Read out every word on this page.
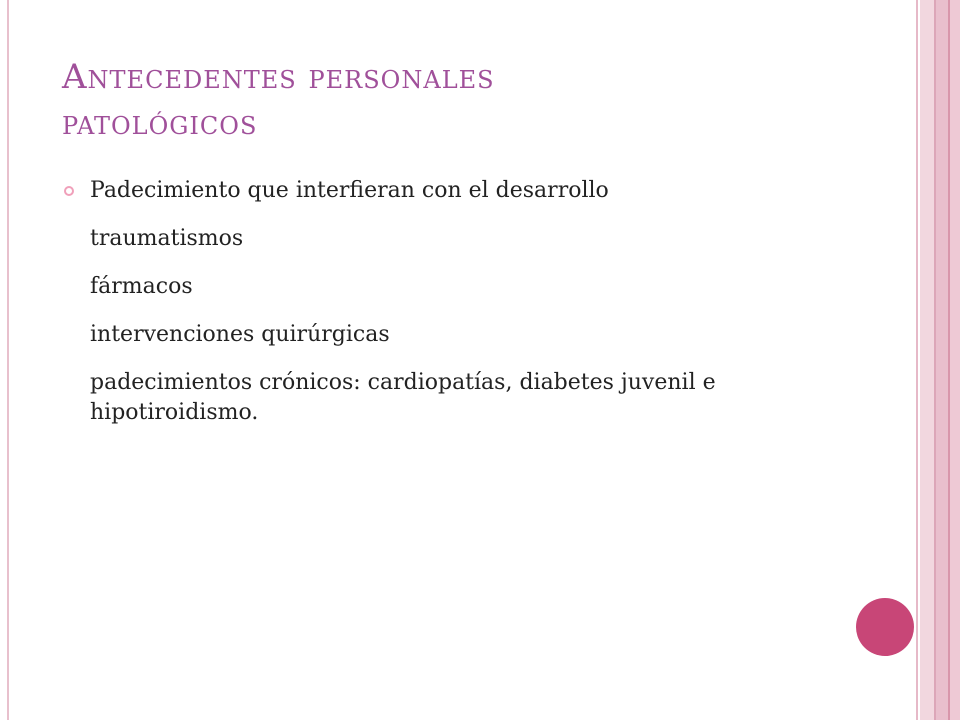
Antecedentes personales
patológicos
Padecimiento que interfieran con el desarrollo
traumatismos
fármacos
intervenciones quirúrgicas
padecimientos crónicos: cardiopatías, diabetes juvenil e hipotiroidismo.
